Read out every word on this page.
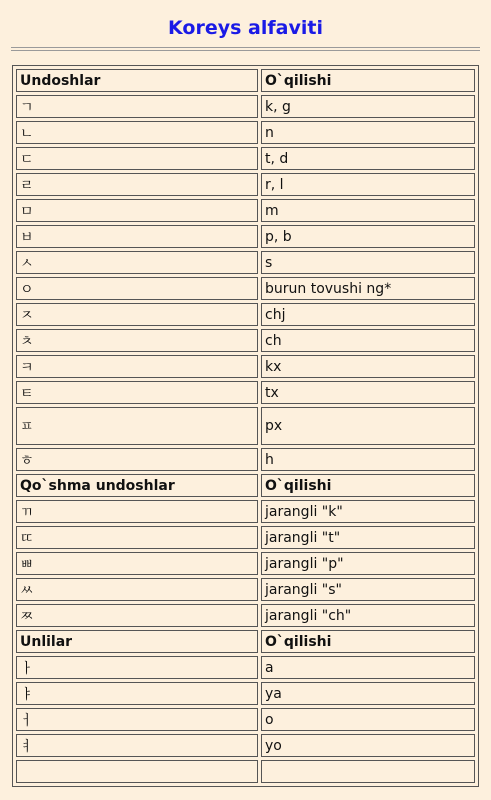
Koreys alfaviti
Undoshlar	O`qilishi
ㄱ	k, g
ㄴ	n
ㄷ	t, d
ㄹ	r, l
ㅁ	m
ㅂ	p, b
ㅅ	s
ㅇ	burun tovushi ng*
ㅈ	chj
ㅊ	ch
ㅋ	kx
ㅌ	tx
ㅍ	px
ㅎ	h
Qo`shma undoshlar	O`qilishi
ㄲ	jarangli "k"
ㄸ	jarangli "t"
ㅃ	jarangli "p"
ㅆ	jarangli "s"
ㅉ	jarangli "ch"
Unlilar	O`qilishi
ㅏ	a
ㅑ	ya
ㅓ	o
ㅕ	yo
